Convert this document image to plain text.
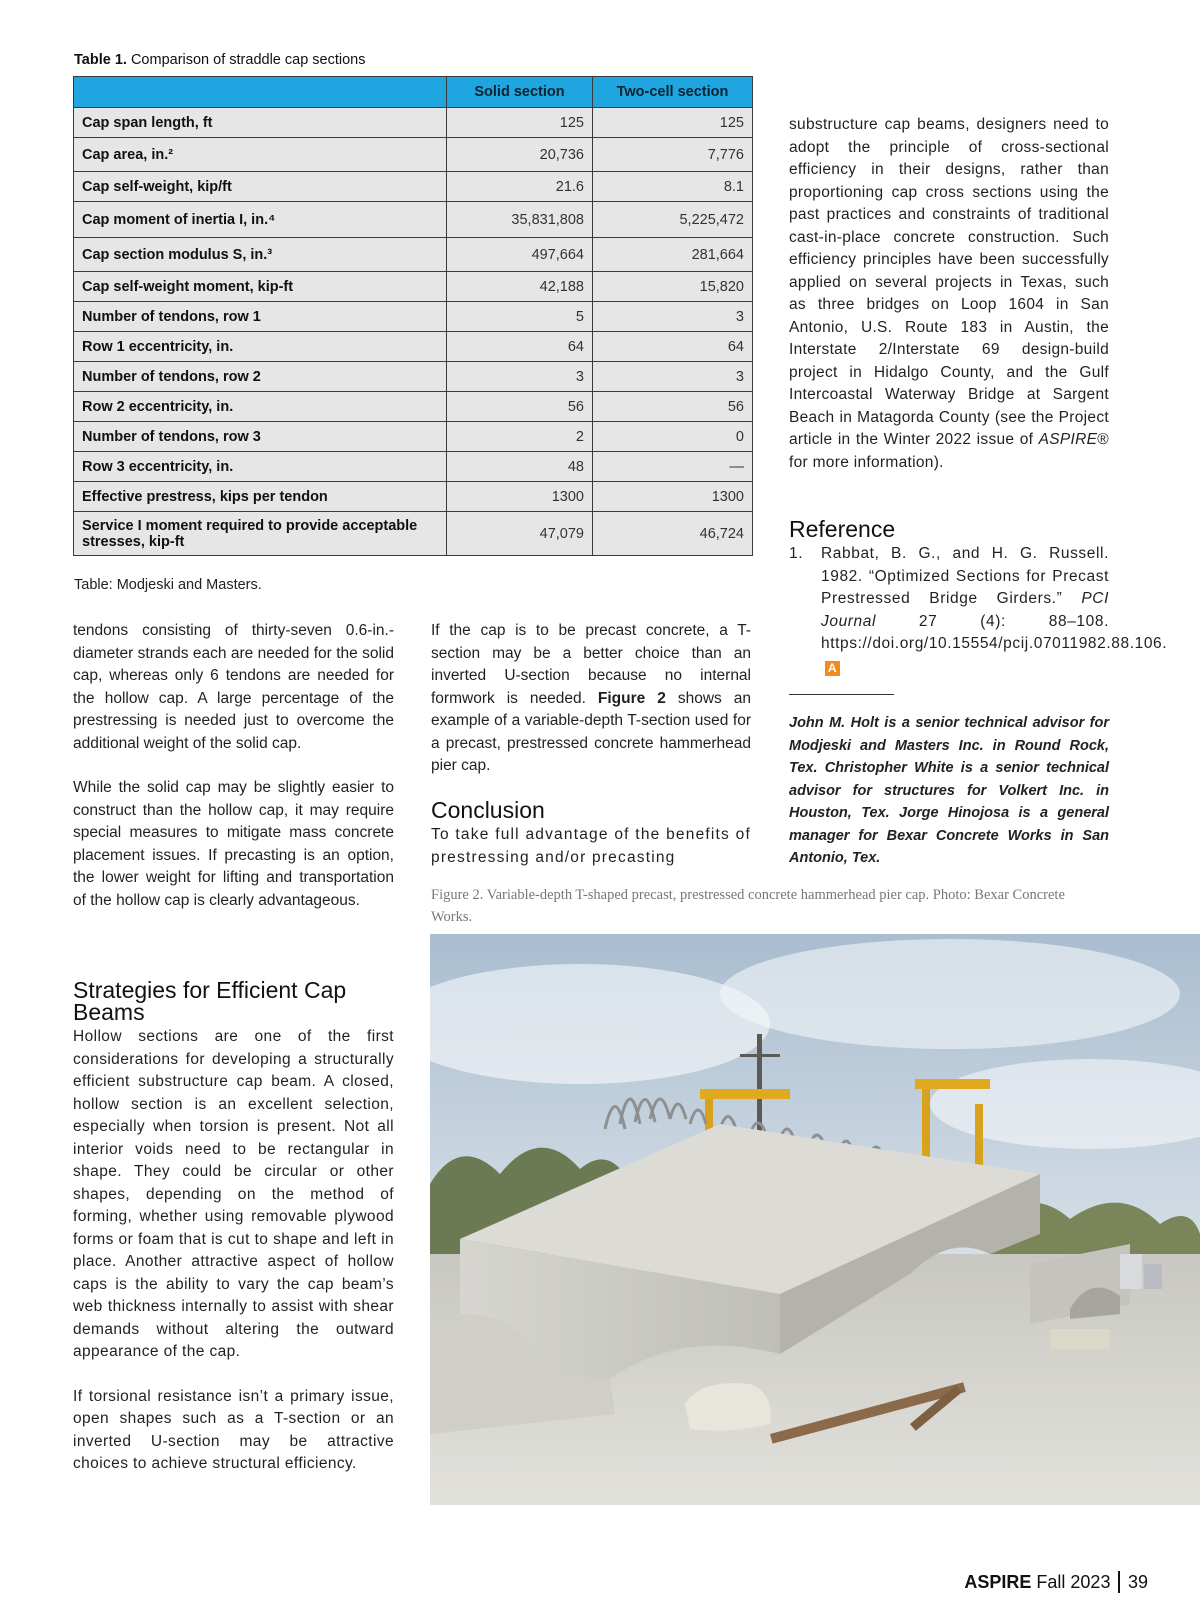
Table 1. Comparison of straddle cap sections
	Solid section	Two-cell section
Cap span length, ft	125	125
Cap area, in.²	20,736	7,776
Cap self-weight, kip/ft	21.6	8.1
Cap moment of inertia I, in.⁴	35,831,808	5,225,472
Cap section modulus S, in.³	497,664	281,664
Cap self-weight moment, kip-ft	42,188	15,820
Number of tendons, row 1	5	3
Row 1 eccentricity, in.	64	64
Number of tendons, row 2	3	3
Row 2 eccentricity, in.	56	56
Number of tendons, row 3	2	0
Row 3 eccentricity, in.	48	—
Effective prestress, kips per tendon	1300	1300
Service I moment required to provide acceptable stresses, kip-ft	47,079	46,724
Table: Modjeski and Masters.

tendons consisting of thirty-seven 0.6-in.-diameter strands each are needed for the solid cap, whereas only 6 tendons are needed for the hollow cap. A large percentage of the prestressing is needed just to overcome the additional weight of the solid cap.

While the solid cap may be slightly easier to construct than the hollow cap, it may require special measures to mitigate mass concrete placement issues. If precasting is an option, the lower weight for lifting and transportation of the hollow cap is clearly advantageous.

Strategies for Efficient Cap Beams

Hollow sections are one of the first considerations for developing a structurally efficient substructure cap beam. A closed, hollow section is an excellent selection, especially when torsion is present. Not all interior voids need to be rectangular in shape. They could be circular or other shapes, depending on the method of forming, whether using removable plywood forms or foam that is cut to shape and left in place. Another attractive aspect of hollow caps is the ability to vary the cap beam’s web thickness internally to assist with shear demands without altering the outward appearance of the cap.

If torsional resistance isn’t a primary issue, open shapes such as a T-section or an inverted U-section may be attractive choices to achieve structural efficiency.

If the cap is to be precast concrete, a T-section may be a better choice than an inverted U-section because no internal formwork is needed. Figure 2 shows an example of a variable-depth T-section used for a precast, prestressed concrete hammerhead pier cap.

Conclusion

To take full advantage of the benefits of prestressing and/or precasting

substructure cap beams, designers need to adopt the principle of cross-sectional efficiency in their designs, rather than proportioning cap cross sections using the past practices and constraints of traditional cast-in-place concrete construction. Such efficiency principles have been successfully applied on several projects in Texas, such as three bridges on Loop 1604 in San Antonio, U.S. Route 183 in Austin, the Interstate 2/Interstate 69 design-build project in Hidalgo County, and the Gulf Intercoastal Waterway Bridge at Sargent Beach in Matagorda County (see the Project article in the Winter 2022 issue of ASPIRE® for more information).

Reference
1. Rabbat, B. G., and H. G. Russell. 1982. “Optimized Sections for Precast Prestressed Bridge Girders.” PCI Journal 27 (4): 88–108. https://doi.org/10.15554/pcij.07011982.88.106.A
John M. Holt is a senior technical advisor for Modjeski and Masters Inc. in Round Rock, Tex. Christopher White is a senior technical advisor for structures for Volkert Inc. in Houston, Tex. Jorge Hinojosa is a general manager for Bexar Concrete Works in San Antonio, Tex.
Figure 2. Variable-depth T-shaped precast, prestressed concrete hammerhead pier cap. Photo: Bexar Concrete Works.
ASPIRE
Fall 2023 39
